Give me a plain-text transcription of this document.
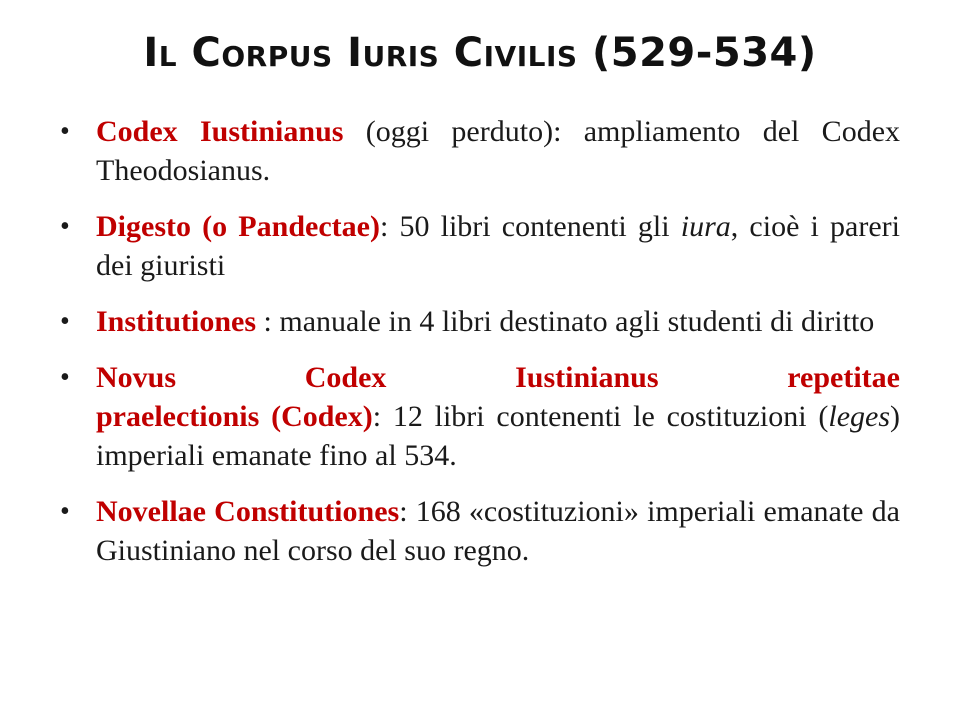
Il Corpus Iuris Civilis (529-534)
• Codex Iustinianus (oggi perduto): ampliamento del Codex Theodosianus.
• Digesto (o Pandectae): 50 libri contenenti gli iura, cioè i pareri dei giuristi
• Institutiones : manuale in 4 libri destinato agli studenti di diritto
• Novus	Codex	Iustinianus	repetitae
praelectionis (Codex): 12 libri contenenti le costituzioni (leges) imperiali emanate fino al 534.
• Novellae Constitutiones: 168 «costituzioni» imperiali emanate da Giustiniano nel corso del suo regno.
